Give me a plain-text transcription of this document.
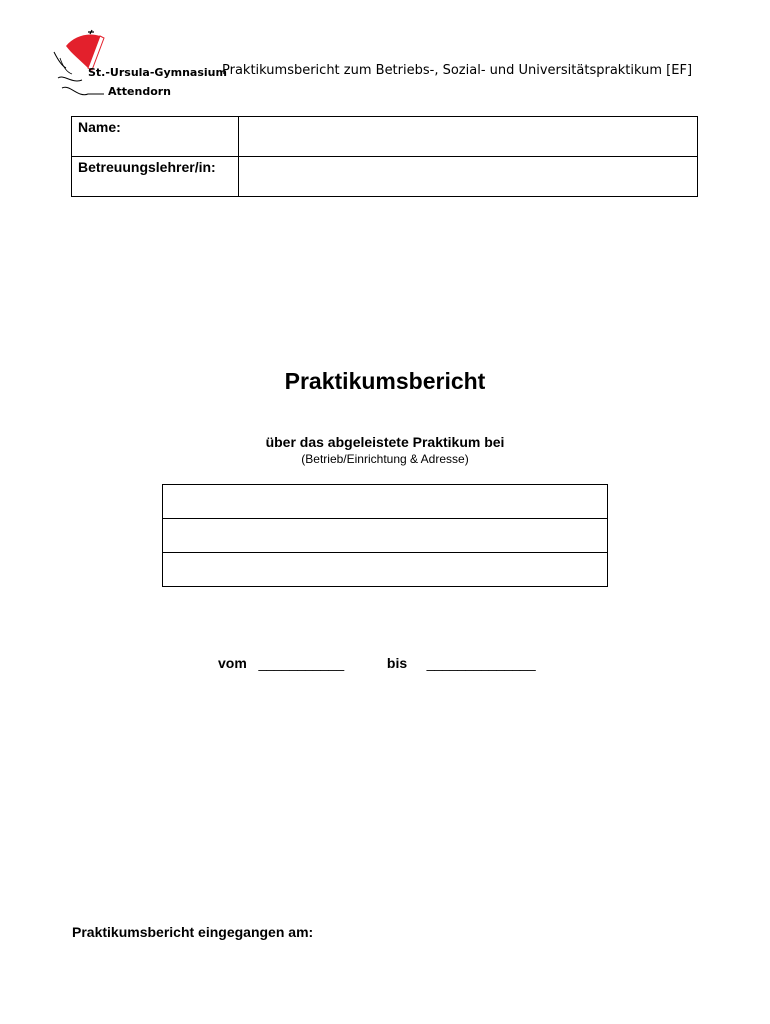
St.-Ursula-Gymnasium
Attendorn
Praktikumsbericht zum Betriebs-, Sozial- und Universitätspraktikum [EF]
Name:	
Betreuungslehrer/in:	
Praktikumsbericht
über das abgeleistete Praktikum bei
(Betrieb/Einrichtung & Adresse)

vom ___________	bis ______________
Praktikumsbericht eingegangen am:
